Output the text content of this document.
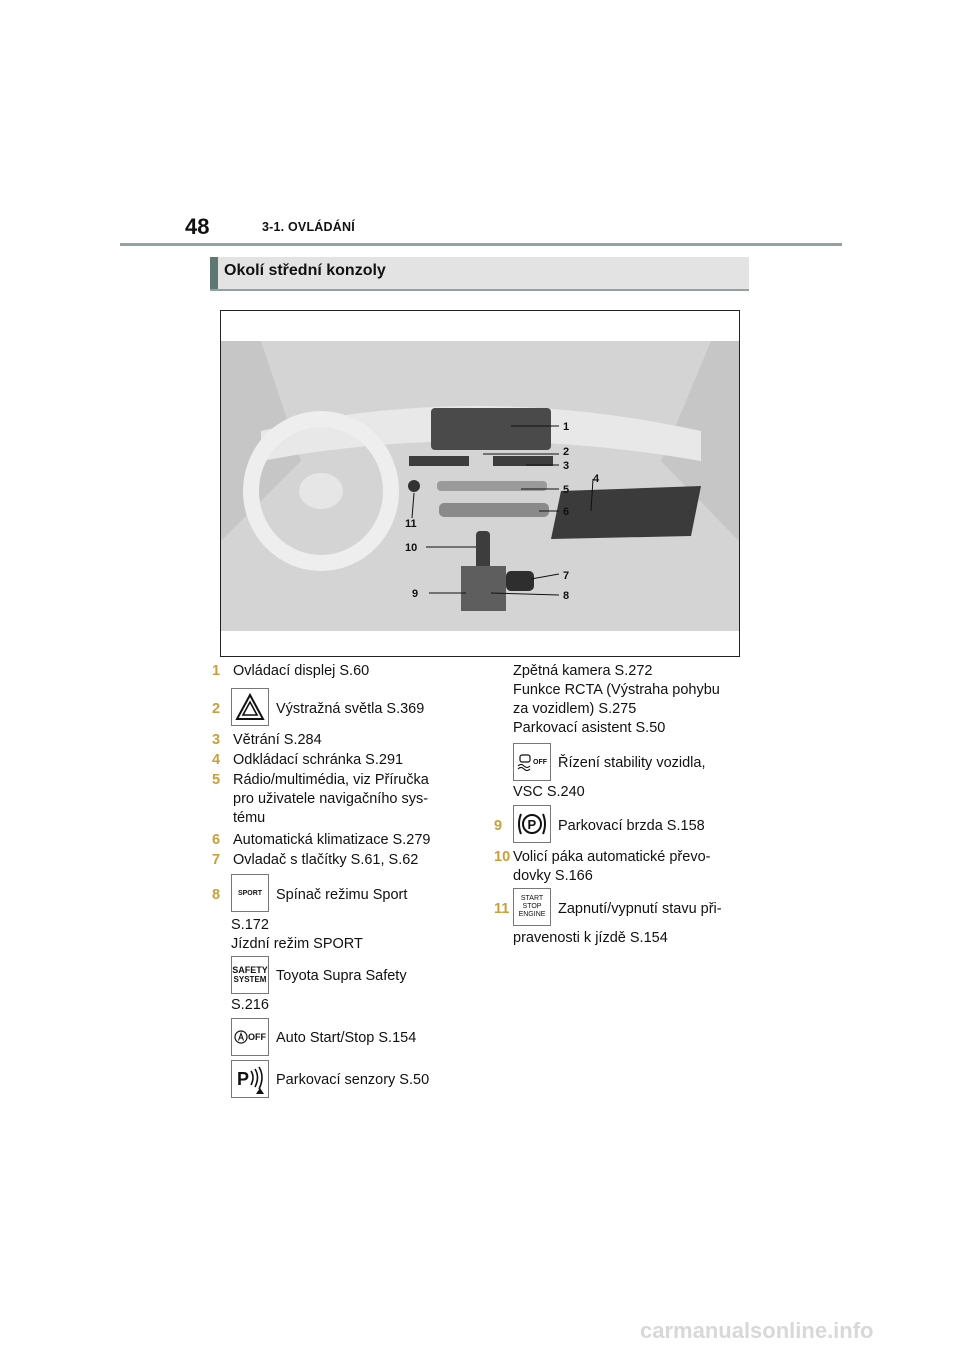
48	3-1. OVLÁDÁNÍ
Okolí střední konzoly
1
2
3
4
5
6
7
8
9
10
11
1 Ovládací displej S.60
2	Výstražná světla S.369
3 Větrání S.284
4 Odkládací schránka S.291
5 Rádio/multimédia, viz Příručka
pro uživatele navigačního sys-
tému
6 Automatická klimatizace S.279
7 Ovladač s tlačítky S.61, S.62
8	SPORT Spínač režimu Sport
S.172
Jízdní režim SPORT
SAFETY
SYSTEM Toyota Supra Safety
S.216
OFF Auto Start/Stop S.154
P Parkovací senzory S.50
Zpětná kamera S.272
Funkce RCTA (Výstraha pohybu
za vozidlem) S.275
Parkovací asistent S.50
OFF Řízení stability vozidla,
VSC S.240
9 P Parkovací brzda S.158
10 Volicí páka automatické převo-
dovky S.166
11
START
STOP
ENGINE Zapnutí/vypnutí stavu při-
pravenosti k jízdě S.154
carmanualsonline.info
